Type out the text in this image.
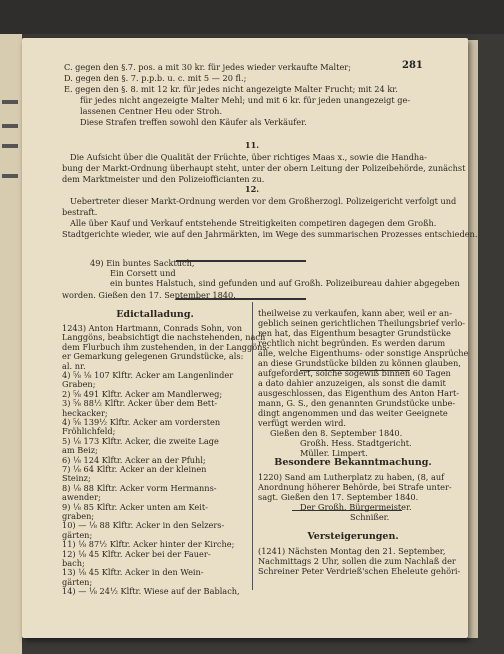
281
C. gegen den §.7. pos. a mit 30 kr. für jedes wieder verkaufte Malter;
D. gegen den §. 7. p.p.b. u. c. mit 5 — 20 fl.;
E. gegen den §. 8. mit 12 kr. für jedes nicht angezeigte Malter Frucht; mit 24 kr.
für jedes nicht angezeigte Malter Mehl; und mit 6 kr. für jeden unangezeigt ge-
lassenen Centner Heu oder Stroh.
Diese Strafen treffen sowohl den Käufer als Verkäufer.
11.
Die Aufsicht über die Qualität der Früchte, über richtiges Maas x., sowie die Handha-
bung der Markt-Ordnung überhaupt steht, unter der obern Leitung der Polizeibehörde, zunächst
dem Marktmeister und den Polizeiofficianten zu.
12.
Uebertreter dieser Markt-Ordnung werden vor dem Großherzogl. Polizeigericht verfolgt und
bestraft.
Alle über Kauf und Verkauf entstehende Streitigkeiten competiren dagegen dem Großh.
Stadtgerichte wieder, wie auf den Jahrmärkten, im Wege des summarischen Prozesses entschieden.
49) Ein buntes Sacktuch,
Ein Corsett und
ein buntes Halstuch, sind gefunden und auf Großh. Polizeibureau dahier abgegeben
worden. Gießen den 17. September 1840.
Edictalladung.
1243) Anton Hartmann, Conrads Sohn, von
Langgöns, beabsichtigt die nachstehenden, nach
dem Flurbuch ihm zustehenden, in der Langgöns-
er Gemarkung gelegenen Grundstücke, als:
al. nr.
4) ⅝ ⅛ 107 Klftr. Acker am Langenlinder
Graben;
2) ⅝ 491 Klftr. Acker am Mandlerweg;
3) ⅝ 88½ Klftr. Acker über dem Bett-
heckacker;
4) ⅝ 139½ Klftr. Acker am vordersten
Fröhlichfeld;
5) ⅛ 173 Klftr. Acker, die zweite Lage
am Beiz;
6) ⅛ 124 Klftr. Acker an der Pfuhl;
7) ⅛ 64 Klftr. Acker an der kleinen
Steinz;
8) ⅛ 88 Klftr. Acker vorm Hermanns-
awender;
9) ⅛ 85 Klftr. Acker unten am Keit-
graben;
10) — ⅛ 88 Klftr. Acker in den Selzers-
gärten;
11) ⅛ 87½ Klftr. Acker hinter der Kirche;
12) ⅛ 45 Klftr. Acker bei der Fauer-
bach;
13) ⅛ 45 Klftr. Acker in den Wein-
gärten;
14) — ⅛ 24½ Klftr. Wiese auf der Bablach,
theilweise zu verkaufen, kann aber, weil er an-
geblich seinen gerichtlichen Theilungsbrief verlo-
ren hat, das Eigenthum besagter Grundstücke
rechtlich nicht begründen. Es werden darum
alle, welche Eigenthums- oder sonstige Ansprüche
an diese Grundstücke bilden zu können glauben,
aufgefordert, solche sogewiß binnen 60 Tagen
a dato dahier anzuzeigen, als sonst die damit
ausgeschlossen, das Eigenthum des Anton Hart-
mann, G. S., den genannten Grundstücke unbe-
dingt angenommen und das weiter Geeignete
verfügt werden wird.
Gießen den 8. September 1840.
Großh. Hess. Stadtgericht.
Müller. Limpert.
Besondere Bekanntmachung.
1220) Sand am Lutherplatz zu haben, (8, auf
Anordnung höherer Behörde, bei Strafe unter-
sagt. Gießen den 17. September 1840.
Der Großh. Bürgermeister.
Schnißer.
Versteigerungen.
(1241) Nächsten Montag den 21. September,
Nachmittags 2 Uhr, sollen die zum Nachlaß der
Schreiner Peter Verdrieß'schen Eheleute gehöri-
